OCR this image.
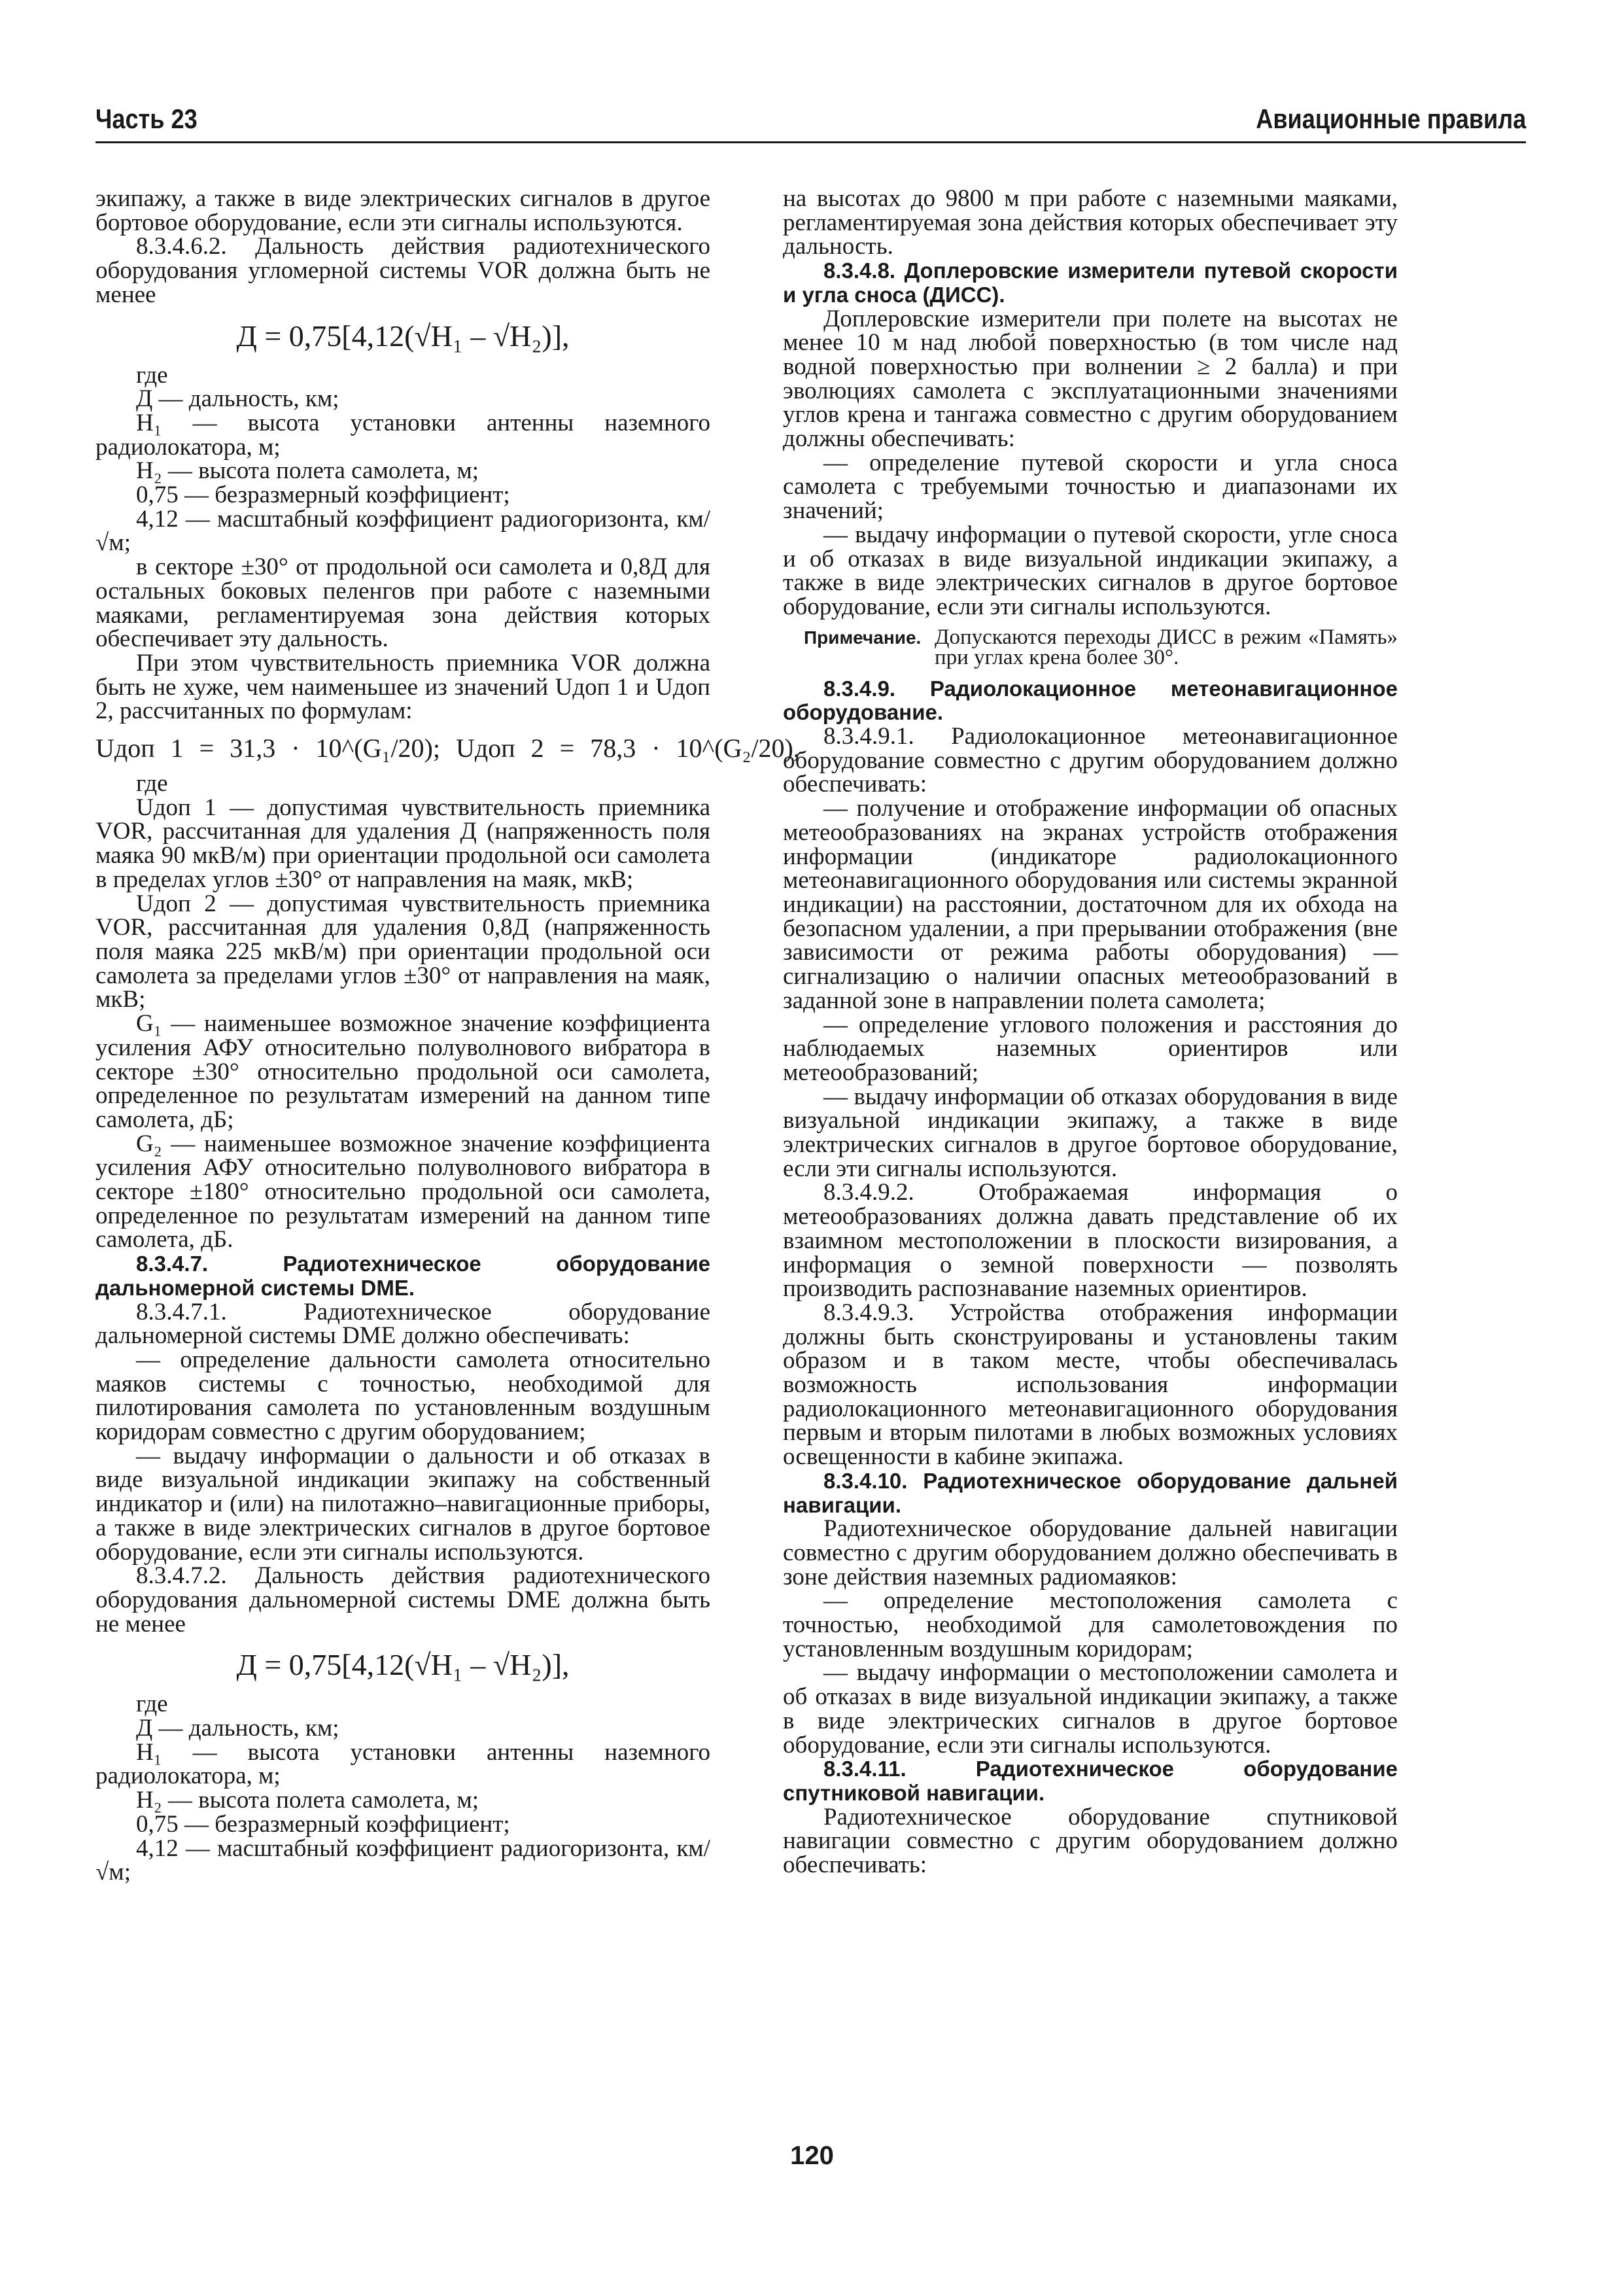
Часть 23	Авиационные правила

экипажу, а также в виде электрических сигналов в другое бортовое оборудование, если эти сигналы используются.

8.3.4.6.2. Дальность действия радиотехнического оборудования угломерной системы VOR должна быть не менее

Д = 0,75[4,12(√H₁ – √H₂)],

где

Д — дальность, км;

H₁ — высота установки антенны наземного радиолокатора, м;

H₂ — высота полета самолета, м;

0,75 — безразмерный коэффициент;

4,12 — масштабный коэффициент радиогоризонта, км/√м;

в секторе ±30° от продольной оси самолета и 0,8Д для остальных боковых пеленгов при работе с наземными маяками, регламентируемая зона действия которых обеспечивает эту дальность.

При этом чувствительность приемника VOR должна быть не хуже, чем наименьшее из значений Uдоп 1 и Uдоп 2, рассчитанных по формулам:

Uдоп 1 = 31,3 · 10^(G₁/20); Uдоп 2 = 78,3 · 10^(G₂/20),

где

Uдоп 1 — допустимая чувствительность приемника VOR, рассчитанная для удаления Д (напряженность поля маяка 90 мкВ/м) при ориентации продольной оси самолета в пределах углов ±30° от направления на маяк, мкВ;

Uдоп 2 — допустимая чувствительность приемника VOR, рассчитанная для удаления 0,8Д (напряженность поля маяка 225 мкВ/м) при ориентации продольной оси самолета за пределами углов ±30° от направления на маяк, мкВ;

G₁ — наименьшее возможное значение коэффициента усиления АФУ относительно полуволнового вибратора в секторе ±30° относительно продольной оси самолета, определенное по результатам измерений на данном типе самолета, дБ;

G₂ — наименьшее возможное значение коэффициента усиления АФУ относительно полуволнового вибратора в секторе ±180° относительно продольной оси самолета, определенное по результатам измерений на данном типе самолета, дБ.

8.3.4.7. Радиотехническое оборудование дальномерной системы DME.

8.3.4.7.1. Радиотехническое оборудование дальномерной системы DME должно обеспечивать:

— определение дальности самолета относительно маяков системы с точностью, необходимой для пилотирования самолета по установленным воздушным коридорам совместно с другим оборудованием;

— выдачу информации о дальности и об отказах в виде визуальной индикации экипажу на собственный индикатор и (или) на пилотажно–навигационные приборы, а также в виде электрических сигналов в другое бортовое оборудование, если эти сигналы используются.

8.3.4.7.2. Дальность действия радиотехнического оборудования дальномерной системы DME должна быть не менее

Д = 0,75[4,12(√H₁ – √H₂)],

где

Д — дальность, км;

H₁ — высота установки антенны наземного радиолокатора, м;

H₂ — высота полета самолета, м;

0,75 — безразмерный коэффициент;

4,12 — масштабный коэффициент радиогоризонта, км/√м;

на высотах до 9800 м при работе с наземными маяками, регламентируемая зона действия которых обеспечивает эту дальность.

8.3.4.8. Доплеровские измерители путевой скорости и угла сноса (ДИСС).

Доплеровские измерители при полете на высотах не менее 10 м над любой поверхностью (в том числе над водной поверхностью при волнении ≥ 2 балла) и при эволюциях самолета с эксплуатационными значениями углов крена и тангажа совместно с другим оборудованием должны обеспечивать:

— определение путевой скорости и угла сноса самолета с требуемыми точностью и диапазонами их значений;

— выдачу информации о путевой скорости, угле сноса и об отказах в виде визуальной индикации экипажу, а также в виде электрических сигналов в другое бортовое оборудование, если эти сигналы используются.

Примечание. Допускаются переходы ДИСС в режим «Память» при углах крена более 30°.

8.3.4.9. Радиолокационное метеонавигационное оборудование.

8.3.4.9.1. Радиолокационное метеонавигационное оборудование совместно с другим оборудованием должно обеспечивать:

— получение и отображение информации об опасных метеообразованиях на экранах устройств отображения информации (индикаторе радиолокационного метеонавигационного оборудования или системы экранной индикации) на расстоянии, достаточном для их обхода на безопасном удалении, а при прерывании отображения (вне зависимости от режима работы оборудования) — сигнализацию о наличии опасных метеообразований в заданной зоне в направлении полета самолета;

— определение углового положения и расстояния до наблюдаемых наземных ориентиров или метеообразований;

— выдачу информации об отказах оборудования в виде визуальной индикации экипажу, а также в виде электрических сигналов в другое бортовое оборудование, если эти сигналы используются.

8.3.4.9.2. Отображаемая информация о метеообразованиях должна давать представление об их взаимном местоположении в плоскости визирования, а информация о земной поверхности — позволять производить распознавание наземных ориентиров.

8.3.4.9.3. Устройства отображения информации должны быть сконструированы и установлены таким образом и в таком месте, чтобы обеспечивалась возможность использования информации радиолокационного метеонавигационного оборудования первым и вторым пилотами в любых возможных условиях освещенности в кабине экипажа.

8.3.4.10. Радиотехническое оборудование дальней навигации.

Радиотехническое оборудование дальней навигации совместно с другим оборудованием должно обеспечивать в зоне действия наземных радиомаяков:

— определение местоположения самолета с точностью, необходимой для самолетовождения по установленным воздушным коридорам;

— выдачу информации о местоположении самолета и об отказах в виде визуальной индикации экипажу, а также в виде электрических сигналов в другое бортовое оборудование, если эти сигналы используются.

8.3.4.11. Радиотехническое оборудование спутниковой навигации.

Радиотехническое оборудование спутниковой навигации совместно с другим оборудованием должно обеспечивать:

120
